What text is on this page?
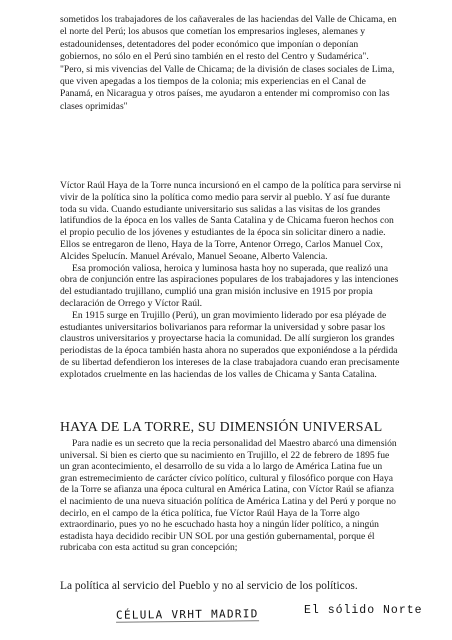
sometidos los trabajadores de los cañaverales de las haciendas del Valle de Chicama, en el norte del Perú; los abusos que cometían los empresarios ingleses, alemanes y estadounidenses, detentadores del poder económico que imponían o deponían gobiernos, no sólo en el Perú sino también en el resto del Centro y Sudamérica".

"Pero, si mis vivencias del Valle de Chicama; de la división de clases sociales de Lima, que viven apegadas a los tiempos de la colonia; mis experiencias en el Canal de Panamá, en Nicaragua y otros países, me ayudaron a entender mi compromiso con las clases oprimidas"

Víctor Raúl Haya de la Torre nunca incursionó en el campo de la política para servirse ni vivir de la política sino la política como medio para servir al pueblo. Y así fue durante toda su vida. Cuando estudiante universitario sus salidas a las visitas de los grandes latifundios de la época en los valles de Santa Catalina y de Chicama fueron hechos con el propio peculio de los jóvenes y estudiantes de la época sin solicitar dinero a nadie. Ellos se entregaron de lleno, Haya de la Torre, Antenor Orrego, Carlos Manuel Cox, Alcides Spelucín. Manuel Arévalo, Manuel Seoane, Alberto Valencia.

Esa promoción valiosa, heroica y luminosa hasta hoy no superada, que realizó una obra de conjunción entre las aspiraciones populares de los trabajadores y las intenciones del estudiantado trujillano, cumplió una gran misión inclusive en 1915 por propia declaración de Orrego y Víctor Raúl.

En 1915 surge en Trujillo (Perú), un gran movimiento liderado por esa pléyade de estudiantes universitarios bolivarianos para reformar la universidad y sobre pasar los claustros universitarios y proyectarse hacia la comunidad. De allí surgieron los grandes periodistas de la época también hasta ahora no superados que exponiéndose a la pérdida de su libertad defendieron los intereses de la clase trabajadora cuando eran precisamente explotados cruelmente en las haciendas de los valles de Chicama y Santa Catalina.

HAYA DE LA TORRE, SU DIMENSIÓN UNIVERSAL

Para nadie es un secreto que la recia personalidad del Maestro abarcó una dimensión universal. Si bien es cierto que su nacimiento en Trujillo, el 22 de febrero de 1895 fue un gran acontecimiento, el desarrollo de su vida a lo largo de América Latina fue un gran estremecimiento de carácter cívico político, cultural y filosófico porque con Haya de la Torre se afianza una época cultural en América Latina, con Víctor Raúl se afianza el nacimiento de una nueva situación política de América Latina y del Perú y porque no decirlo, en el campo de la ética política, fue Víctor Raúl Haya de la Torre algo extraordinario, pues yo no he escuchado hasta hoy a ningún líder político, a ningún estadista haya decidido recibir UN SOL por una gestión gubernamental, porque él rubricaba con esta actitud su gran concepción;

La política al servicio del Pueblo y no al servicio de los políticos.
CÉLULA VRHT MADRID	El sólido Norte
